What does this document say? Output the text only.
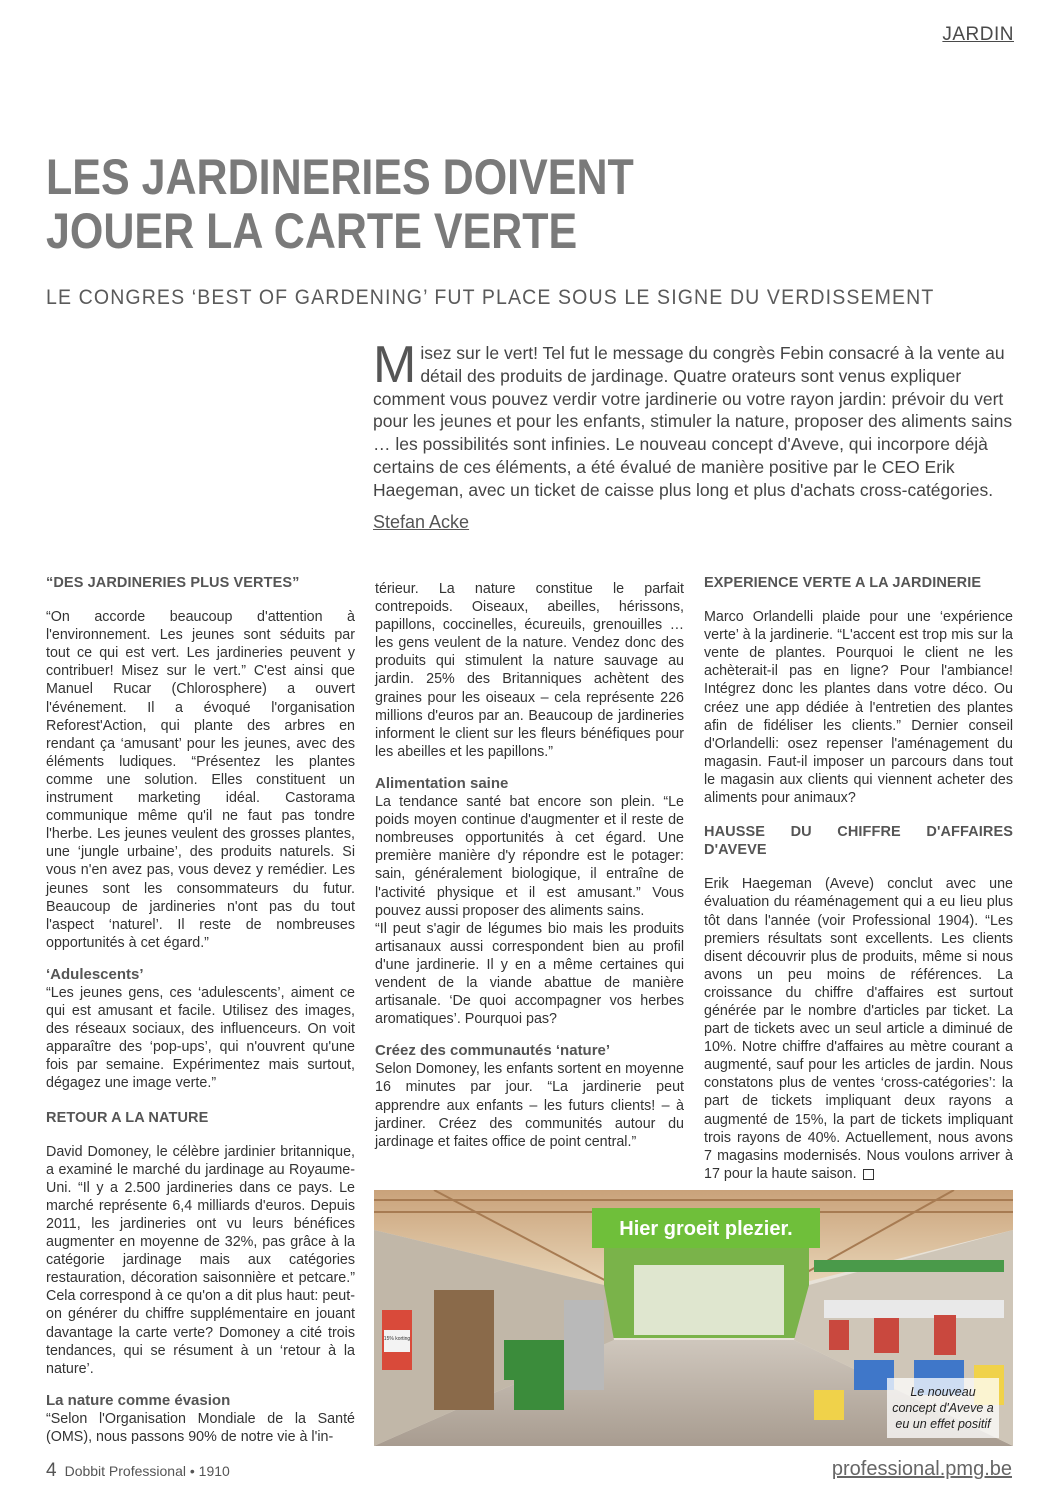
JARDIN
LES JARDINERIES DOIVENT
JOUER LA CARTE VERTE
LE CONGRES ‘BEST OF GARDENING’ FUT PLACE SOUS LE SIGNE DU VERDISSEMENT
Misez sur le vert! Tel fut le message du congrès Febin consacré à la vente au détail des produits de jardinage. Quatre orateurs sont venus expliquer comment vous pouvez verdir votre jardinerie ou votre rayon jardin: prévoir du vert pour les jeunes et pour les enfants, stimuler la nature, proposer des aliments sains … les possibilités sont infinies. Le nouveau concept d'Aveve, qui incorpore déjà certains de ces éléments, a été évalué de manière positive par le CEO Erik Haegeman, avec un ticket de caisse plus long et plus d'achats cross-catégories.
Stefan Acke
“DES JARDINERIES PLUS VERTES”

“On accorde beaucoup d'attention à l'environnement. Les jeunes sont séduits par tout ce qui est vert. Les jardineries peuvent y contribuer! Misez sur le vert.” C'est ainsi que Manuel Rucar (Chlorosphere) a ouvert l'événement. Il a évoqué l'organisation Reforest'Action, qui plante des arbres en rendant ça ‘amusant’ pour les jeunes, avec des éléments ludiques. “Présentez les plantes comme une solution. Elles constituent un instrument marketing idéal. Castorama communique même qu'il ne faut pas tondre l'herbe. Les jeunes veulent des grosses plantes, une ‘jungle urbaine’, des produits naturels. Si vous n'en avez pas, vous devez y remédier. Les jeunes sont les consommateurs du futur. Beaucoup de jardineries n'ont pas du tout l'aspect ‘naturel’. Il reste de nombreuses opportunités à cet égard.”

‘Adulescents’

“Les jeunes gens, ces ‘adulescents’, aiment ce qui est amusant et facile. Utilisez des images, des réseaux sociaux, des influenceurs. On voit apparaître des ‘pop-ups’, qui n'ouvrent qu'une fois par semaine. Expérimentez mais surtout, dégagez une image verte.”

RETOUR A LA NATURE

David Domoney, le célèbre jardinier britannique, a examiné le marché du jardinage au Royaume-Uni. “Il y a 2.500 jardineries dans ce pays. Le marché représente 6,4 milliards d'euros. Depuis 2011, les jardineries ont vu leurs bénéfices augmenter en moyenne de 32%, pas grâce à la catégorie jardinage mais aux catégories restauration, décoration saisonnière et petcare.” Cela correspond à ce qu'on a dit plus haut: peut-on générer du chiffre supplémentaire en jouant davantage la carte verte? Domoney a cité trois tendances, qui se résument à un ‘retour à la nature’.

La nature comme évasion

“Selon l'Organisation Mondiale de la Santé (OMS), nous passons 90% de notre vie à l'in-

térieur. La nature constitue le parfait contrepoids. Oiseaux, abeilles, hérissons, papillons, coccinelles, écureuils, grenouilles … les gens veulent de la nature. Vendez donc des produits qui stimulent la nature sauvage au jardin. 25% des Britanniques achètent des graines pour les oiseaux – cela représente 226 millions d'euros par an. Beaucoup de jardineries informent le client sur les fleurs bénéfiques pour les abeilles et les papillons.”

Alimentation saine

La tendance santé bat encore son plein. “Le poids moyen continue d'augmenter et il reste de nombreuses opportunités à cet égard. Une première manière d'y répondre est le potager: sain, généralement biologique, il entraîne de l'activité physique et il est amusant.” Vous pouvez aussi proposer des aliments sains.

“Il peut s'agir de légumes bio mais les produits artisanaux aussi correspondent bien au profil d'une jardinerie. Il y en a même certaines qui vendent de la viande abattue de manière artisanale. ‘De quoi accompagner vos herbes aromatiques’. Pourquoi pas?

Créez des communautés ‘nature’

Selon Domoney, les enfants sortent en moyenne 16 minutes par jour. “La jardinerie peut apprendre aux enfants – les futurs clients! – à jardiner. Créez des communités autour du jardinage et faites office de point central.”

EXPERIENCE VERTE A LA JARDINERIE

Marco Orlandelli plaide pour une ‘expérience verte’ à la jardinerie. “L'accent est trop mis sur la vente de plantes. Pourquoi le client ne les achèterait-il pas en ligne? Pour l'ambiance! Intégrez donc les plantes dans votre déco. Ou créez une app dédiée à l'entretien des plantes afin de fidéliser les clients.” Dernier conseil d'Orlandelli: osez repenser l'aménagement du magasin. Faut-il imposer un parcours dans tout le magasin aux clients qui viennent acheter des aliments pour animaux?

HAUSSE DU CHIFFRE D'AFFAIRES D'AVEVE

Erik Haegeman (Aveve) conclut avec une évaluation du réaménagement qui a eu lieu plus tôt dans l'année (voir Professional 1904). “Les premiers résultats sont excellents. Les clients disent découvrir plus de produits, même si nous avons un peu moins de références. La croissance du chiffre d'affaires est surtout générée par le nombre d'articles par ticket. La part de tickets avec un seul article a diminué de 10%. Notre chiffre d'affaires au mètre courant a augmenté, sauf pour les articles de jardin. Nous constatons plus de ventes ‘cross-catégories’: la part de tickets impliquant deux rayons a augmenté de 15%, la part de tickets impliquant trois rayons de 40%. Actuellement, nous avons 7 magasins modernisés. Nous voulons arriver à 17 pour la haute saison.

Hier groeit plezier.
15% korting
Le nouveau concept d'Aveve a eu un effet positif
4 Dobbit Professional • 1910	professional.pmg.be
